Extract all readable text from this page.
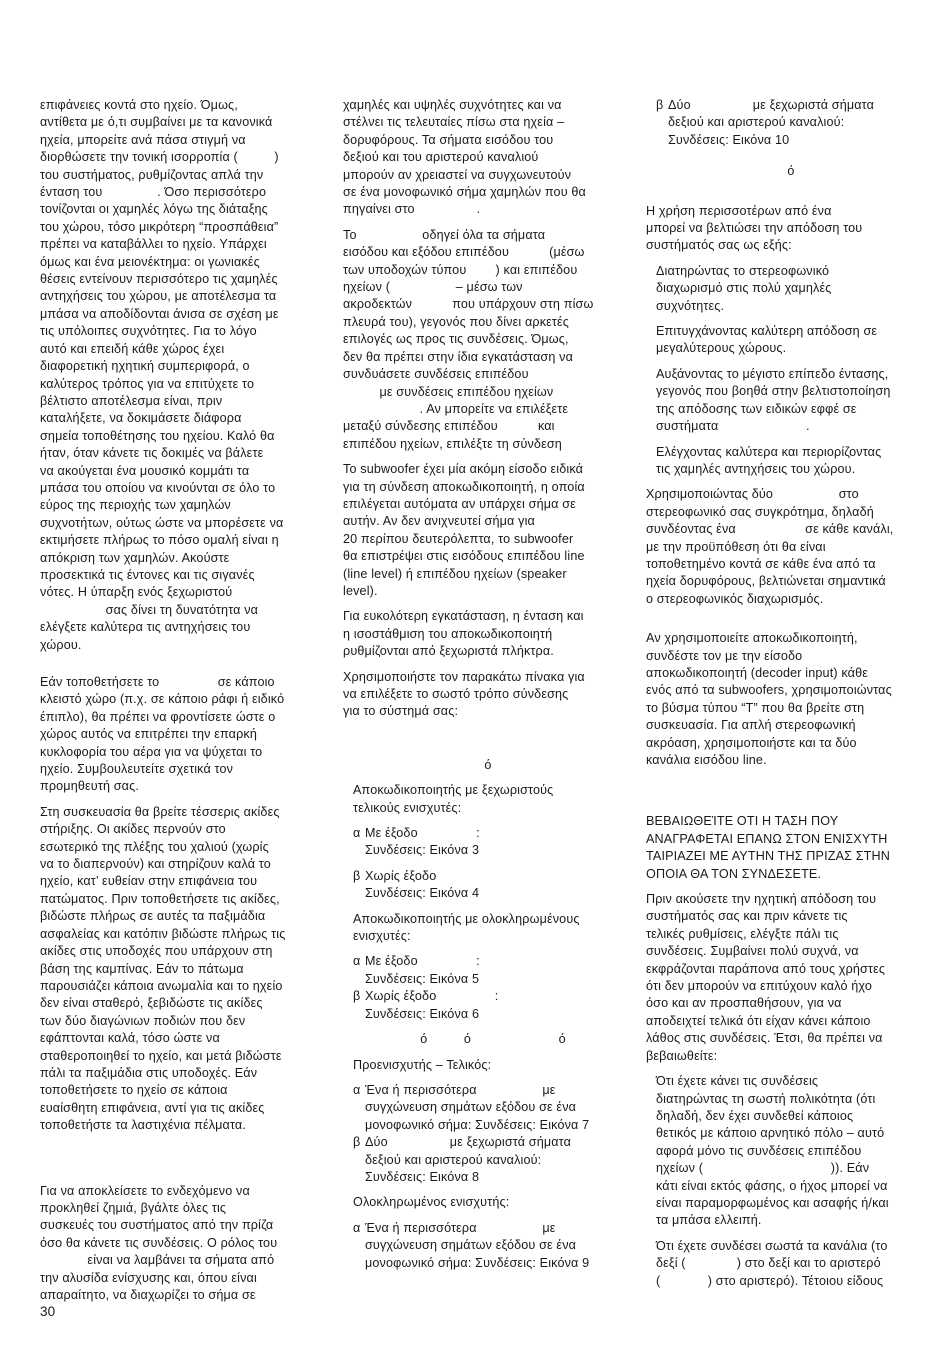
επιφάνειες κοντά στο ηχείο. Όμως,
αντίθετα με ό,τι συμβαίνει με τα κανονικά
ηχεία, μπορείτε ανά πάσα στιγμή να
διορθώσετε την τονική ισορροπία (          )
του συστήματος, ρυθμίζοντας απλά την
ένταση του               . Όσο περισσότερο
τονίζονται οι χαμηλές λόγω της διάταξης
του χώρου, τόσο μικρότερη “προσπάθεια”
πρέπει να καταβάλλει το ηχείο. Υπάρχει
όμως και ένα μειονέκτημα: οι γωνιακές
θέσεις εντείνουν περισσότερο τις χαμηλές
αντηχήσεις του χώρου, με αποτέλεσμα τα
μπάσα να αποδίδονται άνισα σε σχέση με
τις υπόλοιπες συχνότητες. Για το λόγο
αυτό και επειδή κάθε χώρος έχει
διαφορετική ηχητική συμπεριφορά, ο
καλύτερος τρόπος για να επιτύχετε το
βέλτιστο αποτέλεσμα είναι, πριν
καταλήξετε, να δοκιμάσετε διάφορα
σημεία τοποθέτησης του ηχείου. Καλό θα
ήταν, όταν κάνετε τις δοκιμές να βάλετε
να ακούγεται ένα μουσικό κομμάτι τα
μπάσα του οποίου να κινούνται σε όλο το
εύρος της περιοχής των χαμηλών
συχνοτήτων, ούτως ώστε να μπορέσετε να
εκτιμήσετε πλήρως το πόσο ομαλή είναι η
απόκριση των χαμηλών. Ακούστε
προσεκτικά τις έντονες και τις σιγανές
νότες. Η ύπαρξη ενός ξεχωριστού
σας δίνει τη δυνατότητα να
ελέγξετε καλύτερα τις αντηχήσεις του
χώρου.

Εάν τοποθετήσετε το                σε κάποιο
κλειστό χώρο (π.χ. σε κάποιο ράφι ή ειδικό
έπιπλο), θα πρέπει να φροντίσετε ώστε ο
χώρος αυτός να επιτρέπει την επαρκή
κυκλοφορία του αέρα για να ψύχεται το
ηχείο. Συμβουλευτείτε σχετικά τον
προμηθευτή σας.

Στη συσκευασία θα βρείτε τέσσερις ακίδες
στήριξης. Οι ακίδες περνούν στο
εσωτερικό της πλέξης του χαλιού (χωρίς
να το διαπερνούν) και στηρίζουν καλά το
ηχείο, κατ’ ευθείαν στην επιφάνεια του
πατώματος. Πριν τοποθετήσετε τις ακίδες,
βιδώστε πλήρως σε αυτές τα παξιμάδια
ασφαλείας και κατόπιν βιδώστε πλήρως τις
ακίδες στις υποδοχές που υπάρχουν στη
βάση της καμπίνας. Εάν το πάτωμα
παρουσιάζει κάποια ανωμαλία και το ηχείο
δεν είναι σταθερό, ξεβιδώστε τις ακίδες
των δύο διαγώνιων ποδιών που δεν
εφάπτονται καλά, τόσο ώστε να
σταθεροποιηθεί το ηχείο, και μετά βιδώστε
πάλι τα παξιμάδια στις υποδοχές. Εάν
τοποθετήσετε το ηχείο σε κάποια
ευαίσθητη επιφάνεια, αντί για τις ακίδες
τοποθετήστε τα λαστιχένια πέλματα.

Για να αποκλείσετε το ενδεχόμενο να
προκληθεί ζημιά, βγάλτε όλες τις
συσκευές του συστήματος από την πρίζα
όσο θα κάνετε τις συνδέσεις. Ο ρόλος του
είναι να λαμβάνει τα σήματα από
την αλυσίδα ενίσχυσης και, όπου είναι
απαραίτητο, να διαχωρίζει το σήμα σε

χαμηλές και υψηλές συχνότητες και να
στέλνει τις τελευταίες πίσω στα ηχεία –
δορυφόρους. Τα σήματα εισόδου του
δεξιού και του αριστερού καναλιού
μπορούν αν χρειαστεί να συγχωνευτούν
σε ένα μονοφωνικό σήμα χαμηλών που θα
πηγαίνει στο                 .

Το                  οδηγεί όλα τα σήματα
εισόδου και εξόδου επιπέδου           (μέσω
των υποδοχών τύπου        ) και επιπέδου
ηχείων (                  – μέσω των
ακροδεκτών           που υπάρχουν στη πίσω
πλευρά του), γεγονός που δίνει αρκετές
επιλογές ως προς τις συνδέσεις. Όμως,
δεν θα πρέπει στην ίδια εγκατάσταση να
συνδυάσετε συνδέσεις επιπέδου
με συνδέσεις επιπέδου ηχείων
. Αν μπορείτε να επιλέξετε
μεταξύ σύνδεσης επιπέδου           και
επιπέδου ηχείων, επιλέξτε τη σύνδεση

Το subwoofer έχει μία ακόμη είσοδο ειδικά
για τη σύνδεση αποκωδικοποιητή, η οποία
επιλέγεται αυτόματα αν υπάρχει σήμα σε
αυτήν. Αν δεν ανιχνευτεί σήμα για
20 περίπου δευτερόλεπτα, το subwoofer
θα επιστρέψει στις εισόδους επιπέδου line
(line level) ή επιπέδου ηχείων (speaker
level).

Για ευκολότερη εγκατάσταση, η ένταση και
η ισοστάθμιση του αποκωδικοποιητή
ρυθμίζονται από ξεχωριστά πλήκτρα.

Χρησιμοποιήστε τον παρακάτω πίνακα για
να επιλέξετε το σωστό τρόπο σύνδεσης
για το σύστημά σας:

ό

Αποκωδικοποιητής με ξεχωριστούς
τελικούς ενισχυτές:

α Με έξοδο                :
Συνδέσεις: Εικόνα 3
β Χωρίς έξοδο
Συνδέσεις: Εικόνα 4

Αποκωδικοποιητής με ολοκληρωμένους
ενισχυτές:

α Με έξοδο                :
Συνδέσεις: Εικόνα 5
β Χωρίς έξοδο                :
Συνδέσεις: Εικόνα 6

ό          ό                        ό

Προενισχυτής – Τελικός:

α Ένα ή περισσότερα                  με
συγχώνευση σημάτων εξόδου σε ένα
μονοφωνικό σήμα: Συνδέσεις: Εικόνα 7
β Δύο                 με ξεχωριστά σήματα
δεξιού και αριστερού καναλιού:
Συνδέσεις: Εικόνα 8

Ολοκληρωμένος ενισχυτής:

α Ένα ή περισσότερα                  με
συγχώνευση σημάτων εξόδου σε ένα
μονοφωνικό σήμα: Συνδέσεις: Εικόνα 9
β Δύο                 με ξεχωριστά σήματα
δεξιού και αριστερού καναλιού:
Συνδέσεις: Εικόνα 10

ό

Η χρήση περισσοτέρων από ένα
μπορεί να βελτιώσει την απόδοση του
συστήματός σας ως εξής:

Διατηρώντας το στερεοφωνικό
διαχωρισμό στις πολύ χαμηλές
συχνότητες.

Επιτυγχάνοντας καλύτερη απόδοση σε
μεγαλύτερους χώρους.

Αυξάνοντας το μέγιστο επίπεδο έντασης,
γεγονός που βοηθά στην βελτιστοποίηση
της απόδοσης των ειδικών εφφέ σε
συστήματα                        .

Ελέγχοντας καλύτερα και περιορίζοντας
τις χαμηλές αντηχήσεις του χώρου.

Χρησιμοποιώντας δύο                  στο
στερεοφωνικό σας συγκρότημα, δηλαδή
συνδέοντας ένα                   σε κάθε κανάλι,
με την προϋπόθεση ότι θα είναι
τοποθετημένο κοντά σε κάθε ένα από τα
ηχεία δορυφόρους, βελτιώνεται σημαντικά
ο στερεοφωνικός διαχωρισμός.

Αν χρησιμοποιείτε αποκωδικοποιητή,
συνδέστε τον με την είσοδο
αποκωδικοποιητή (decoder input) κάθε
ενός από τα subwoofers, χρησιμοποιώντας
το βύσμα τύπου “T” που θα βρείτε στη
συσκευασία. Για απλή στερεοφωνική
ακρόαση, χρησιμοποιήστε και τα δύο
κανάλια εισόδου line.

ΒΕΒΑΙΩΘΕΊΤΕ ΟΤΙ Η ΤΑΣΗ ΠΟΥ
ΑΝΑΓΡΑΦΕΤΑΙ ΕΠΑΝΩ ΣΤΟΝ ΕΝΙΣΧΥΤΗ
ΤΑΙΡΙΑΖΕΙ ΜΕ ΑΥΤΗΝ ΤΗΣ ΠΡΙΖΑΣ ΣΤΗΝ
ΟΠΟΙΑ ΘΑ ΤΟΝ ΣΥΝΔΕΣΕΤΕ.

Πριν ακούσετε την ηχητική απόδοση του
συστήματός σας και πριν κάνετε τις
τελικές ρυθμίσεις, ελέγξτε πάλι τις
συνδέσεις. Συμβαίνει πολύ συχνά, να
εκφράζονται παράπονα από τους χρήστες
ότι δεν μπορούν να επιτύχουν καλό ήχο
όσο και αν προσπαθήσουν, για να
αποδειχτεί τελικά ότι είχαν κάνει κάποιο
λάθος στις συνδέσεις. Έτσι, θα πρέπει να
βεβαιωθείτε:

Ότι έχετε κάνει τις συνδέσεις
διατηρώντας τη σωστή πολικότητα (ότι
δηλαδή, δεν έχει συνδεθεί κάποιος
θετικός με κάποιο αρνητικό πόλο – αυτό
αφορά μόνο τις συνδέσεις επιπέδου
ηχείων (                                   )). Εάν
κάτι είναι εκτός φάσης, ο ήχος μπορεί να
είναι παραμορφωμένος και ασαφής ή/και
τα μπάσα ελλειπή.

Ότι έχετε συνδέσει σωστά τα κανάλια (το
δεξί (              ) στο δεξί και το αριστερό
(             ) στο αριστερό). Τέτοιου είδους

30
